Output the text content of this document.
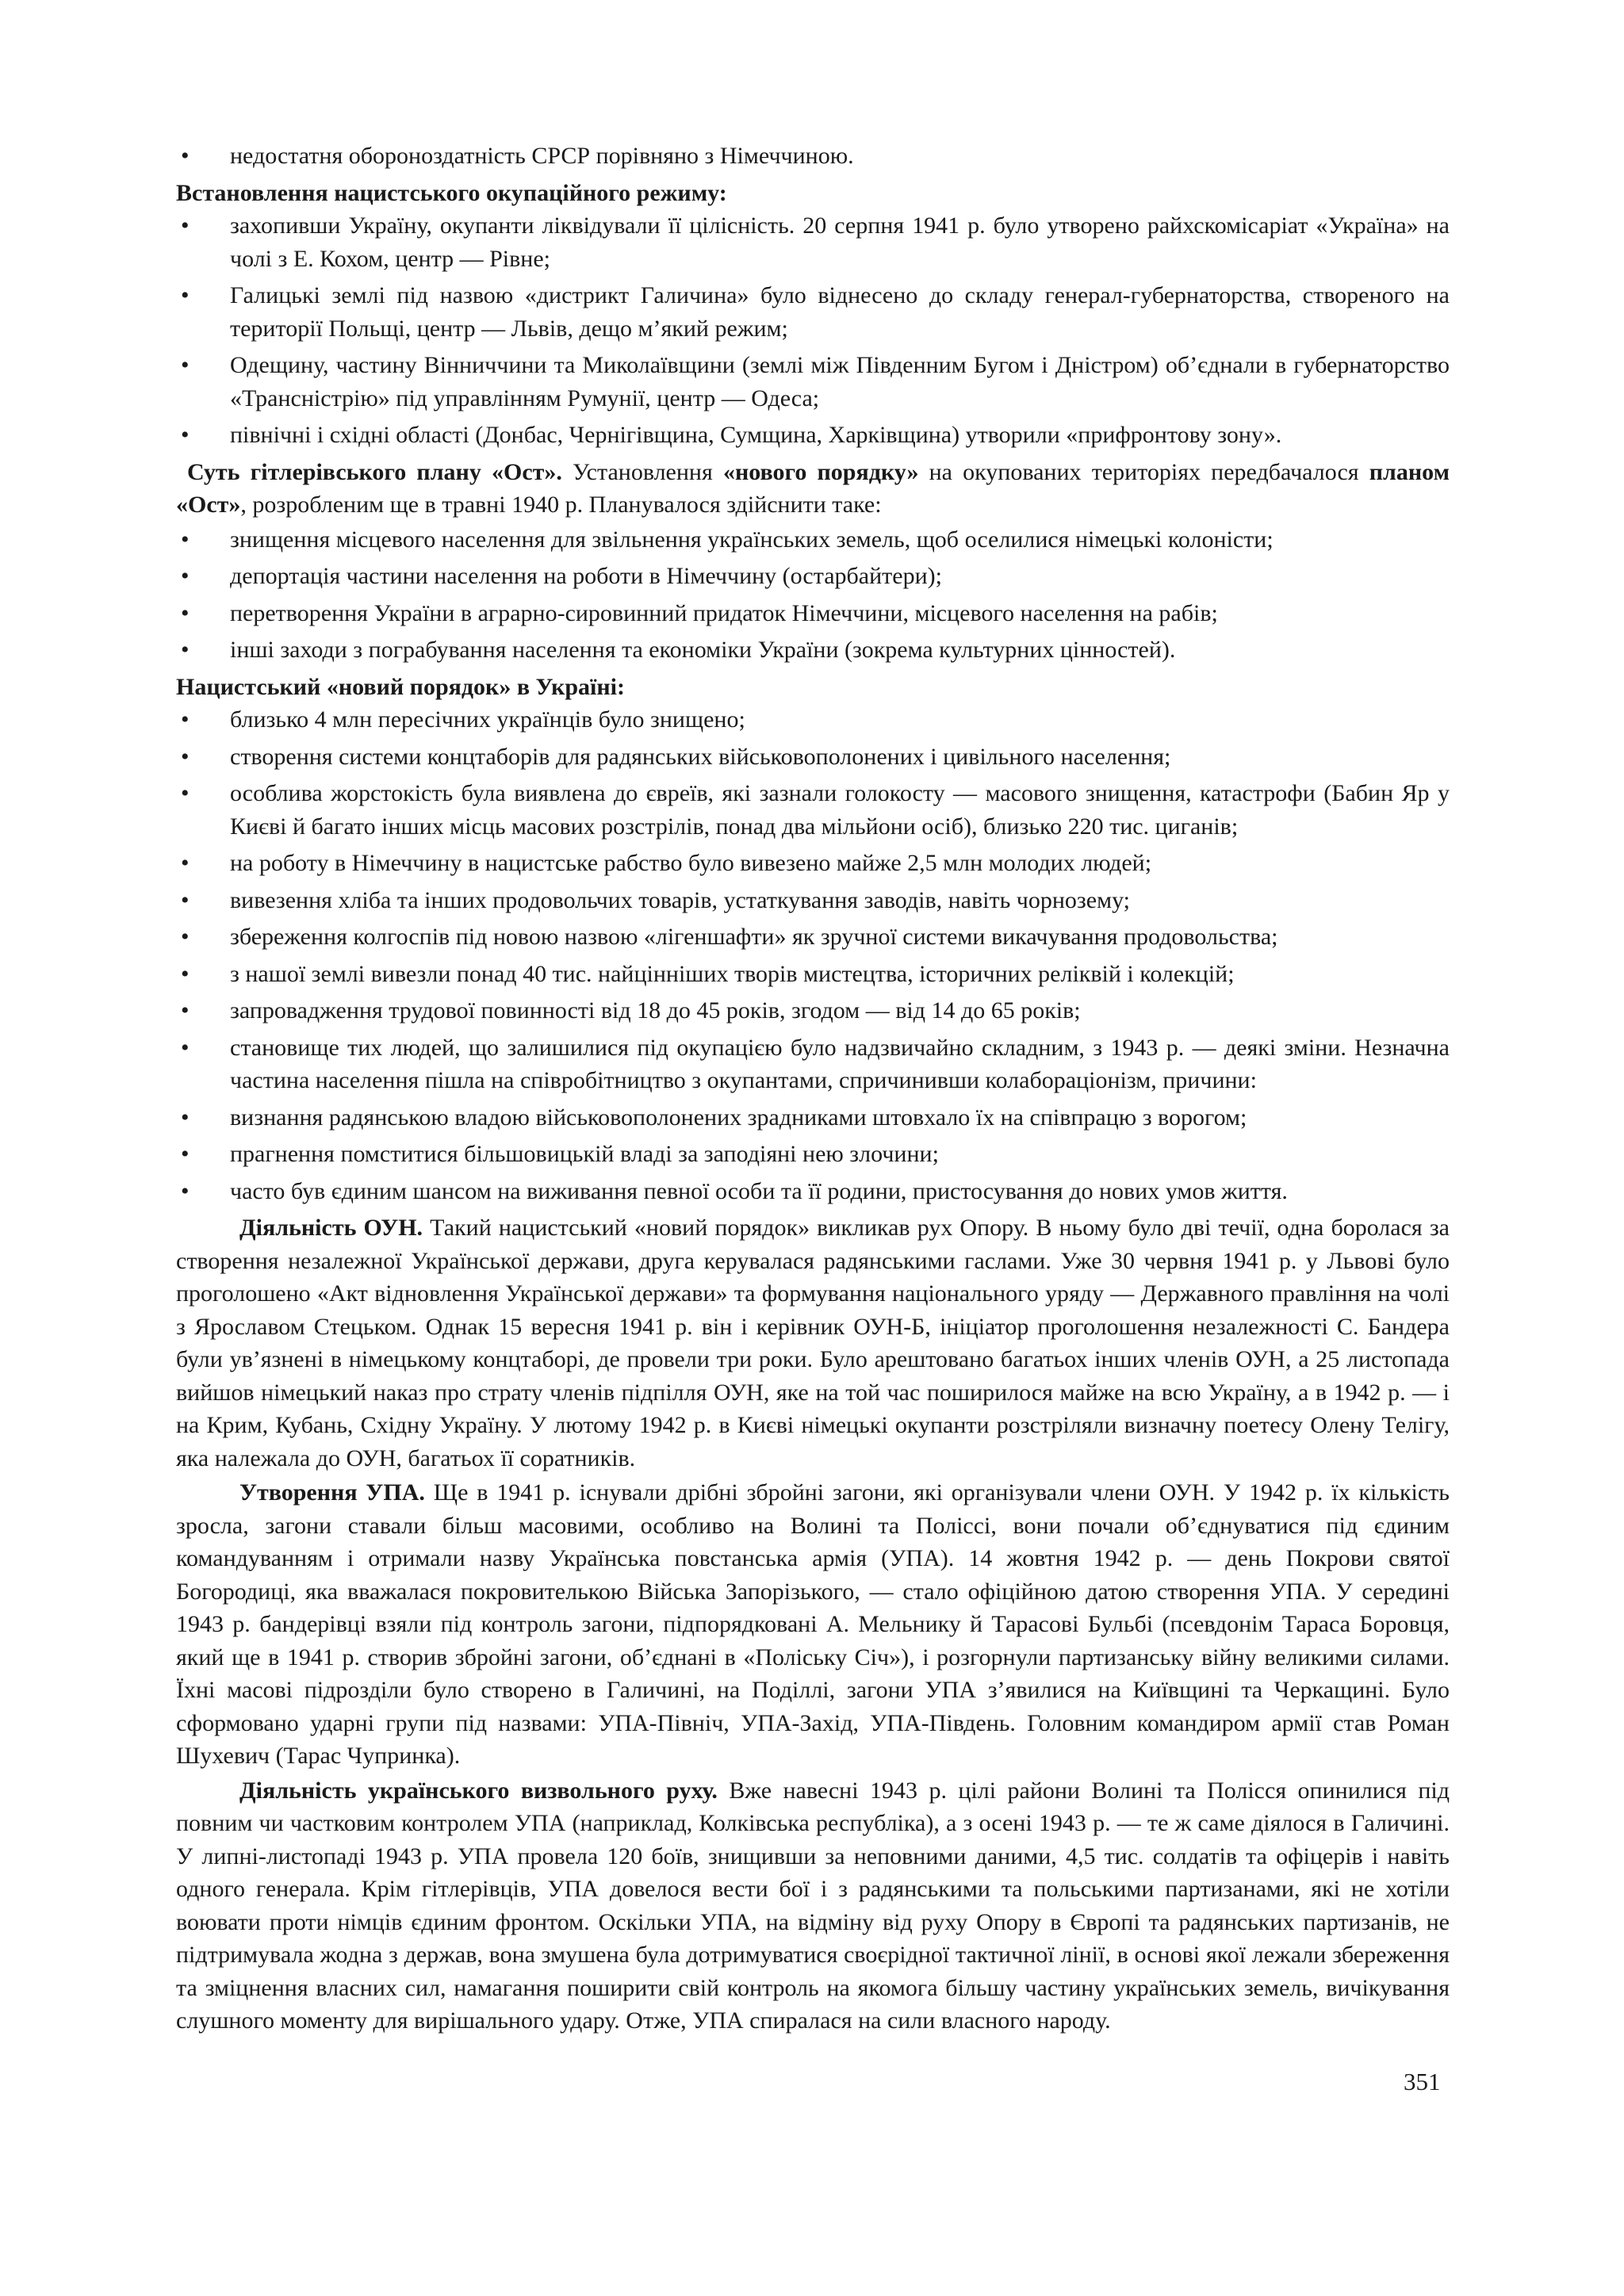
• недостатня обороноздатність СРСР порівняно з Німеччиною.
Встановлення нацистського окупаційного режиму:
• захопивши Україну, окупанти ліквідували її цілісність. 20 серпня 1941 р. було утворено райхскомісаріат «Україна» на чолі з Е. Кохом, центр — Рівне;
• Галицькі землі під назвою «дистрикт Галичина» було віднесено до складу генерал-губернаторства, створеного на території Польщі, центр — Львів, дещо м’який режим;
• Одещину, частину Вінниччини та Миколаївщини (землі між Південним Бугом і Дністром) об’єднали в губернаторство «Трансністрію» під управлінням Румунії, центр — Одеса;
• північні і східні області (Донбас, Чернігівщина, Сумщина, Харківщина) утворили «прифронтову зону».

Суть гітлерівського плану «Ост». Установлення «нового порядку» на окупованих територіях передбачалося планом «Ост», розробленим ще в травні 1940 р. Планувалося здійснити таке:

• знищення місцевого населення для звільнення українських земель, щоб оселилися німецькі колоністи;
• депортація частини населення на роботи в Німеччину (остарбайтери);
• перетворення України в аграрно-сировинний придаток Німеччини, місцевого населення на рабів;
• інші заходи з пограбування населення та економіки України (зокрема культурних цінностей).
Нацистський «новий порядок» в Україні:
• близько 4 млн пересічних українців було знищено;
• створення системи концтаборів для радянських військовополонених і цивільного населення;
• особлива жорстокість була виявлена до євреїв, які зазнали голокосту — масового знищення, катастрофи (Бабин Яр у Києві й багато інших місць масових розстрілів, понад два мільйони осіб), близько 220 тис. циганів;
• на роботу в Німеччину в нацистське рабство було вивезено майже 2,5 млн молодих людей;
• вивезення хліба та інших продовольчих товарів, устаткування заводів, навіть чорнозему;
• збереження колгоспів під новою назвою «лігеншафти» як зручної системи викачування продовольства;
• з нашої землі вивезли понад 40 тис. найцінніших творів мистецтва, історичних реліквій і колекцій;
• запровадження трудової повинності від 18 до 45 років, згодом — від 14 до 65 років;
• становище тих людей, що залишилися під окупацією було надзвичайно складним, з 1943 р. — деякі зміни. Незначна частина населення пішла на співробітництво з окупантами, спричинивши колабораціонізм, причини:
• визнання радянською владою військовополонених зрадниками штовхало їх на співпрацю з ворогом;
• прагнення помститися більшовицькій владі за заподіяні нею злочини;
• часто був єдиним шансом на виживання певної особи та її родини, пристосування до нових умов життя.

Діяльність ОУН. Такий нацистський «новий порядок» викликав рух Опору. В ньому було дві течії, одна боролася за створення незалежної Української держави, друга керувалася радянськими гаслами. Уже 30 червня 1941 р. у Львові було проголошено «Акт відновлення Української держави» та формування національного уряду — Державного правління на чолі з Ярославом Стецьком. Однак 15 вересня 1941 р. він і керівник ОУН-Б, ініціатор проголошення незалежності С. Бандера були ув’язнені в німецькому концтаборі, де провели три роки. Було арештовано багатьох інших членів ОУН, а 25 листопада вийшов німецький наказ про страту членів підпілля ОУН, яке на той час поширилося майже на всю Україну, а в 1942 р. — і на Крим, Кубань, Східну Україну. У лютому 1942 р. в Києві німецькі окупанти розстріляли визначну поетесу Олену Телігу, яка належала до ОУН, багатьох її соратників.

Утворення УПА. Ще в 1941 р. існували дрібні збройні загони, які організували члени ОУН. У 1942 р. їх кількість зросла, загони ставали більш масовими, особливо на Волині та Поліссі, вони почали об’єднуватися під єдиним командуванням і отримали назву Українська повстанська армія (УПА). 14 жовтня 1942 р. — день Покрови святої Богородиці, яка вважалася покровителькою Війська Запорізького, — стало офіційною датою створення УПА. У середині 1943 р. бандерівці взяли під контроль загони, підпорядковані А. Мельнику й Тарасові Бульбі (псевдонім Тараса Боровця, який ще в 1941 р. створив збройні загони, об’єднані в «Поліську Січ»), і розгорнули партизанську війну великими силами. Їхні масові підрозділи було створено в Галичині, на Поділлі, загони УПА з’явилися на Київщині та Черкащині. Було сформовано ударні групи під назвами: УПА-Північ, УПА-Захід, УПА-Південь. Головним командиром армії став Роман Шухевич (Тарас Чупринка).

Діяльність українського визвольного руху. Вже навесні 1943 р. цілі райони Волині та Полісся опинилися під повним чи частковим контролем УПА (наприклад, Колківська республіка), а з осені 1943 р. — те ж саме діялося в Галичині. У липні-листопаді 1943 р. УПА провела 120 боїв, знищивши за неповними даними, 4,5 тис. солдатів та офіцерів і навіть одного генерала. Крім гітлерівців, УПА довелося вести бої і з радянськими та польськими партизанами, які не хотіли воювати проти німців єдиним фронтом. Оскільки УПА, на відміну від руху Опору в Європі та радянських партизанів, не підтримувала жодна з держав, вона змушена була дотримуватися своєрідної тактичної лінії, в основі якої лежали збереження та зміцнення власних сил, намагання поширити свій контроль на якомога більшу частину українських земель, вичікування слушного моменту для вирішального удару. Отже, УПА спиралася на сили власного народу.

351
